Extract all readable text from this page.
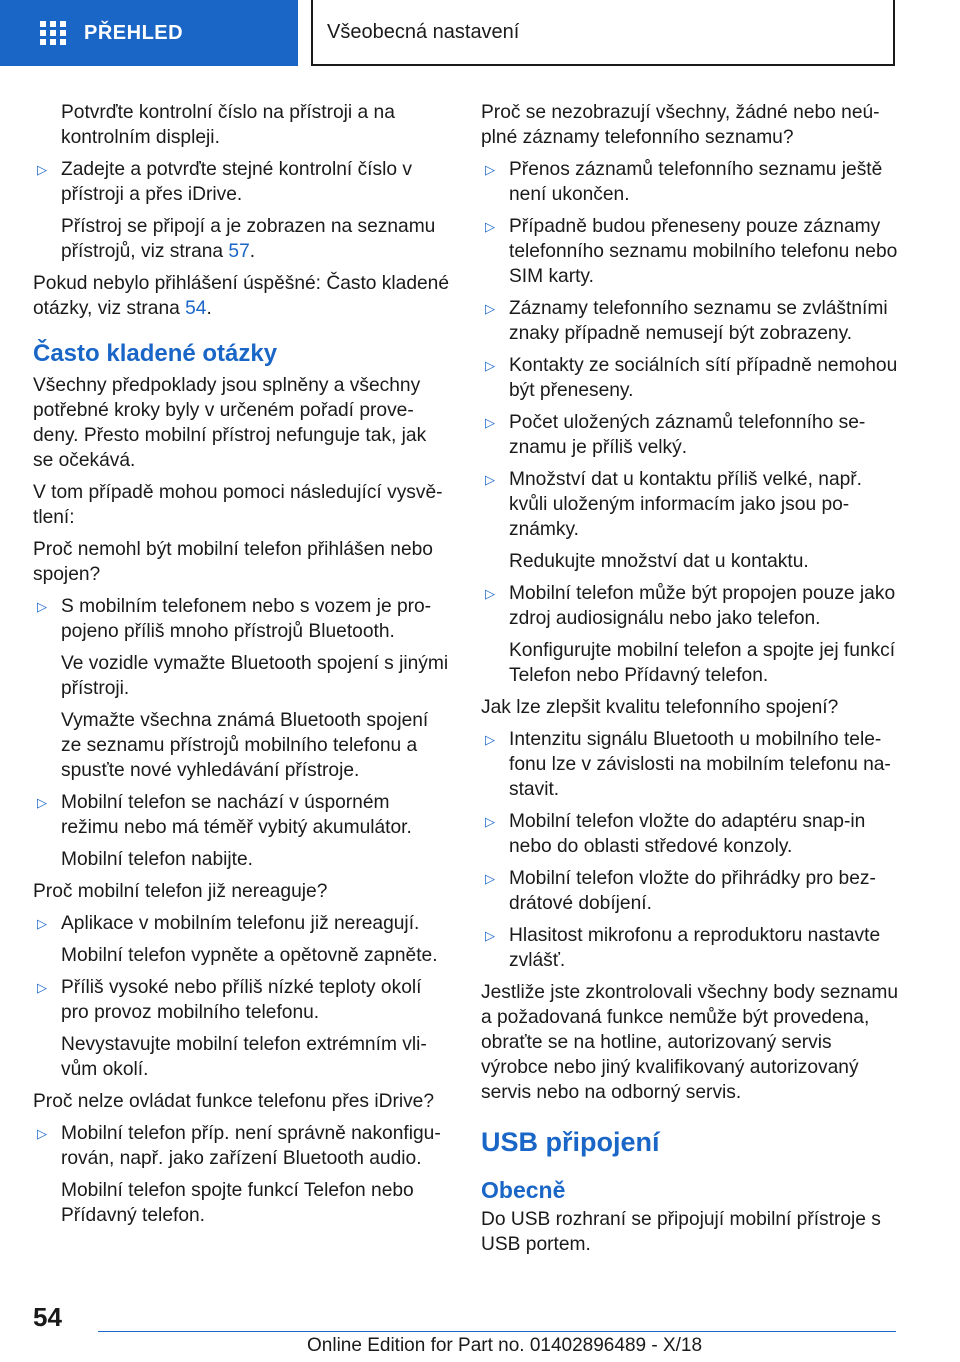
PŘEHLED	Všeobecná nastavení
Potvrďte kontrolní číslo na přístroji a na kontrolním displeji.
▷ Zadejte a potvrďte stejné kontrolní číslo v přístroji a přes iDrive.
Přístroj se připojí a je zobrazen na seznamu přístrojů, viz strana 57.
Pokud nebylo přihlášení úspěšné: Často kladené otázky, viz strana 54.
Často kladené otázky
Všechny předpoklady jsou splněny a všechny potřebné kroky byly v určeném pořadí prove‐deny. Přesto mobilní přístroj nefunguje tak, jak se očekává.
V tom případě mohou pomoci následující vysvě‐tlení:
Proč nemohl být mobilní telefon přihlášen nebo spojen?
▷ S mobilním telefonem nebo s vozem je pro‐pojeno příliš mnoho přístrojů Bluetooth.
Ve vozidle vymažte Bluetooth spojení s jinými přístroji.
Vymažte všechna známá Bluetooth spojení ze seznamu přístrojů mobilního telefonu a spusťte nové vyhledávání přístroje.
▷ Mobilní telefon se nachází v úsporném režimu nebo má téměř vybitý akumulátor.
Mobilní telefon nabijte.
Proč mobilní telefon již nereaguje?
▷ Aplikace v mobilním telefonu již nereagují.
Mobilní telefon vypněte a opětovně zapněte.
▷ Příliš vysoké nebo příliš nízké teploty okolí pro provoz mobilního telefonu.
Nevystavujte mobilní telefon extrémním vli‐vům okolí.
Proč nelze ovládat funkce telefonu přes iDrive?
▷ Mobilní telefon příp. není správně nakonfigu‐rován, např. jako zařízení Bluetooth audio.
Mobilní telefon spojte funkcí Telefon nebo Přídavný telefon.
Proč se nezobrazují všechny, žádné nebo neú‐plné záznamy telefonního seznamu?
▷ Přenos záznamů telefonního seznamu ještě není ukončen.
▷ Případně budou přeneseny pouze záznamy telefonního seznamu mobilního telefonu nebo SIM karty.
▷ Záznamy telefonního seznamu se zvláštními znaky případně nemusejí být zobrazeny.
▷ Kontakty ze sociálních sítí případně nemohou být přeneseny.
▷ Počet uložených záznamů telefonního se‐znamu je příliš velký.
▷ Množství dat u kontaktu příliš velké, např. kvůli uloženým informacím jako jsou po‐známky.
Redukujte množství dat u kontaktu.
▷ Mobilní telefon může být propojen pouze jako zdroj audiosignálu nebo jako telefon.
Konfigurujte mobilní telefon a spojte jej funkcí Telefon nebo Přídavný telefon.
Jak lze zlepšit kvalitu telefonního spojení?
▷ Intenzitu signálu Bluetooth u mobilního tele‐fonu lze v závislosti na mobilním telefonu na‐stavit.
▷ Mobilní telefon vložte do adaptéru snap-in nebo do oblasti středové konzoly.
▷ Mobilní telefon vložte do přihrádky pro bez‐drátové dobíjení.
▷ Hlasitost mikrofonu a reproduktoru nastavte zvlášť.
Jestliže jste zkontrolovali všechny body seznamu a požadovaná funkce nemůže být provedena, obraťte se na hotline, autorizovaný servis výrobce nebo jiný kvalifikovaný autorizovaný servis nebo na odborný servis.
USB připojení
Obecně
Do USB rozhraní se připojují mobilní přístroje s USB portem.
54
Online Edition for Part no. 01402896489 - X/18
